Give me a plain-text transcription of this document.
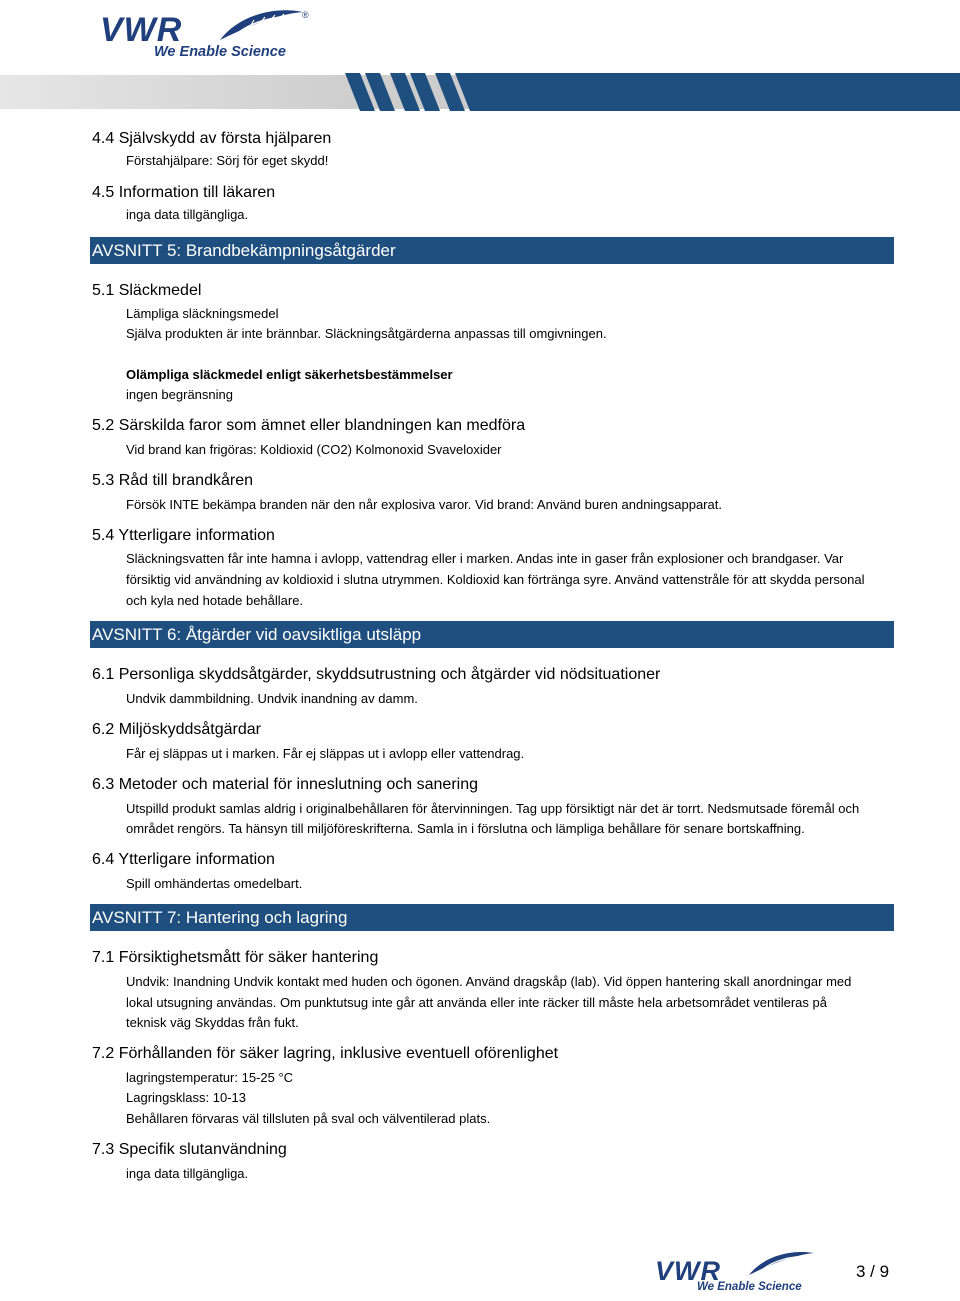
VWR	®
We Enable Science
4.4 Självskydd av första hjälparen
Förstahjälpare: Sörj för eget skydd!
4.5 Information till läkaren
inga data tillgängliga.
AVSNITT 5: Brandbekämpningsåtgärder
5.1 Släckmedel
Lämpliga släckningsmedel
Själva produkten är inte brännbar. Släckningsåtgärderna anpassas till omgivningen.
Olämpliga släckmedel enligt säkerhetsbestämmelser
ingen begränsning
5.2 Särskilda faror som ämnet eller blandningen kan medföra
Vid brand kan frigöras: Koldioxid (CO2) Kolmonoxid Svaveloxider
5.3 Råd till brandkåren
Försök INTE bekämpa branden när den når explosiva varor. Vid brand: Använd buren andningsapparat.
5.4 Ytterligare information
Släckningsvatten får inte hamna i avlopp, vattendrag eller i marken. Andas inte in gaser från explosioner och brandgaser. Var
försiktig vid användning av koldioxid i slutna utrymmen. Koldioxid kan förtränga syre. Använd vattenstråle för att skydda personal
och kyla ned hotade behållare.
AVSNITT 6: Åtgärder vid oavsiktliga utsläpp
6.1 Personliga skyddsåtgärder, skyddsutrustning och åtgärder vid nödsituationer
Undvik dammbildning. Undvik inandning av damm.
6.2 Miljöskyddsåtgärdar
Får ej släppas ut i marken. Får ej släppas ut i avlopp eller vattendrag.
6.3 Metoder och material för inneslutning och sanering
Utspilld produkt samlas aldrig i originalbehållaren för återvinningen. Tag upp försiktigt när det är torrt. Nedsmutsade föremål och
området rengörs. Ta hänsyn till miljöföreskrifterna. Samla in i förslutna och lämpliga behållare för senare bortskaffning.
6.4 Ytterligare information
Spill omhändertas omedelbart.
AVSNITT 7: Hantering och lagring
7.1 Försiktighetsmått för säker hantering
Undvik: Inandning Undvik kontakt med huden och ögonen. Använd dragskåp (lab). Vid öppen hantering skall anordningar med
lokal utsugning användas. Om punktutsug inte går att använda eller inte räcker till måste hela arbetsområdet ventileras på
teknisk väg Skyddas från fukt.
7.2 Förhållanden för säker lagring, inklusive eventuell oförenlighet
lagringstemperatur: 15-25 °C
Lagringsklass: 10-13
Behållaren förvaras väl tillsluten på sval och välventilerad plats.
7.3 Specifik slutanvändning
inga data tillgängliga.
VWR
We Enable Science
3 / 9
